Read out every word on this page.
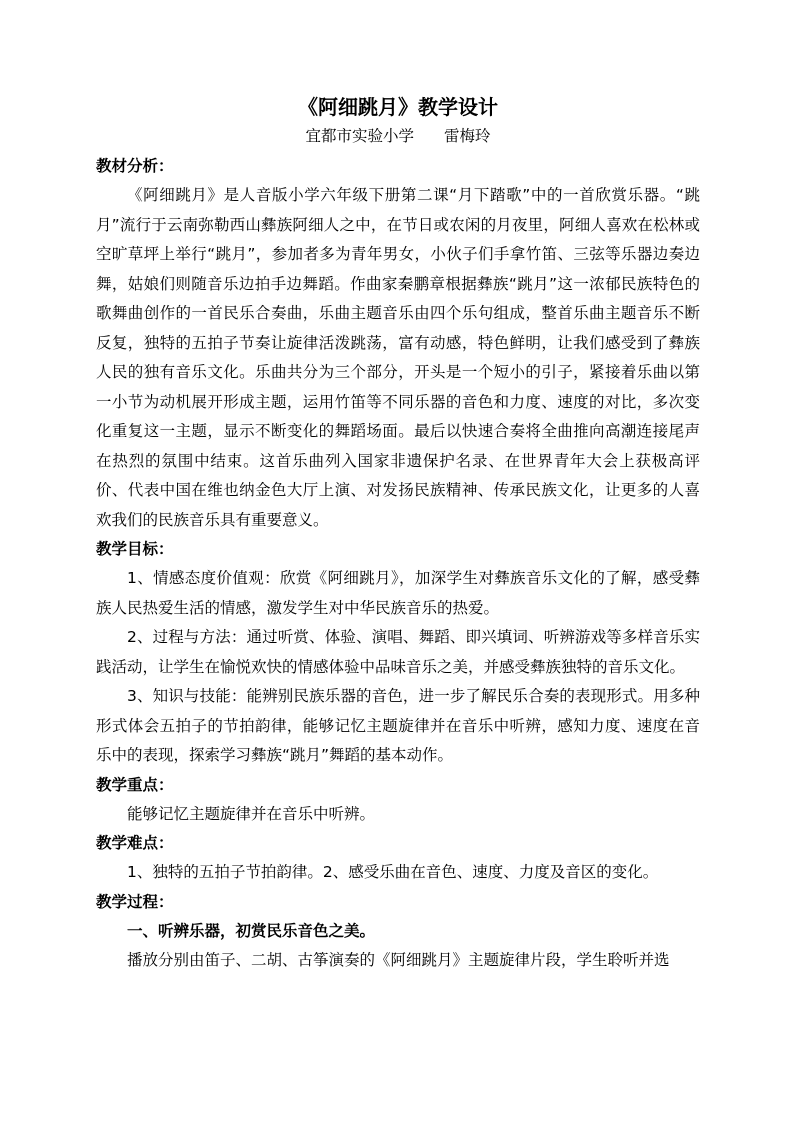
《阿细跳月》教学设计

宜都市实验小学 雷梅玲

教材分析：

《阿细跳月》是人音版小学六年级下册第二课“月下踏歌”中的一首欣赏乐器。“跳月”流行于云南弥勒西山彝族阿细人之中，在节日或农闲的月夜里，阿细人喜欢在松林或空旷草坪上举行“跳月”，参加者多为青年男女，小伙子们手拿竹笛、三弦等乐器边奏边舞，姑娘们则随音乐边拍手边舞蹈。作曲家秦鹏章根据彝族“跳月”这一浓郁民族特色的歌舞曲创作的一首民乐合奏曲，乐曲主题音乐由四个乐句组成，整首乐曲主题音乐不断反复，独特的五拍子节奏让旋律活泼跳荡，富有动感，特色鲜明，让我们感受到了彝族人民的独有音乐文化。乐曲共分为三个部分，开头是一个短小的引子，紧接着乐曲以第一小节为动机展开形成主题，运用竹笛等不同乐器的音色和力度、速度的对比，多次变化重复这一主题，显示不断变化的舞蹈场面。最后以快速合奏将全曲推向高潮连接尾声在热烈的氛围中结束。这首乐曲列入国家非遗保护名录、在世界青年大会上获极高评价、代表中国在维也纳金色大厅上演、对发扬民族精神、传承民族文化，让更多的人喜欢我们的民族音乐具有重要意义。

教学目标：

1、情感态度价值观：欣赏《阿细跳月》，加深学生对彝族音乐文化的了解，感受彝族人民热爱生活的情感，激发学生对中华民族音乐的热爱。

2、过程与方法：通过听赏、体验、演唱、舞蹈、即兴填词、听辨游戏等多样音乐实践活动，让学生在愉悦欢快的情感体验中品味音乐之美，并感受彝族独特的音乐文化。

3、知识与技能：能辨别民族乐器的音色，进一步了解民乐合奏的表现形式。用多种形式体会五拍子的节拍韵律，能够记忆主题旋律并在音乐中听辨，感知力度、速度在音乐中的表现，探索学习彝族“跳月”舞蹈的基本动作。

教学重点：

能够记忆主题旋律并在音乐中听辨。

教学难点：

1、独特的五拍子节拍韵律。2、感受乐曲在音色、速度、力度及音区的变化。

教学过程：

一、听辨乐器，初赏民乐音色之美。

播放分别由笛子、二胡、古筝演奏的《阿细跳月》主题旋律片段，学生聆听并选
